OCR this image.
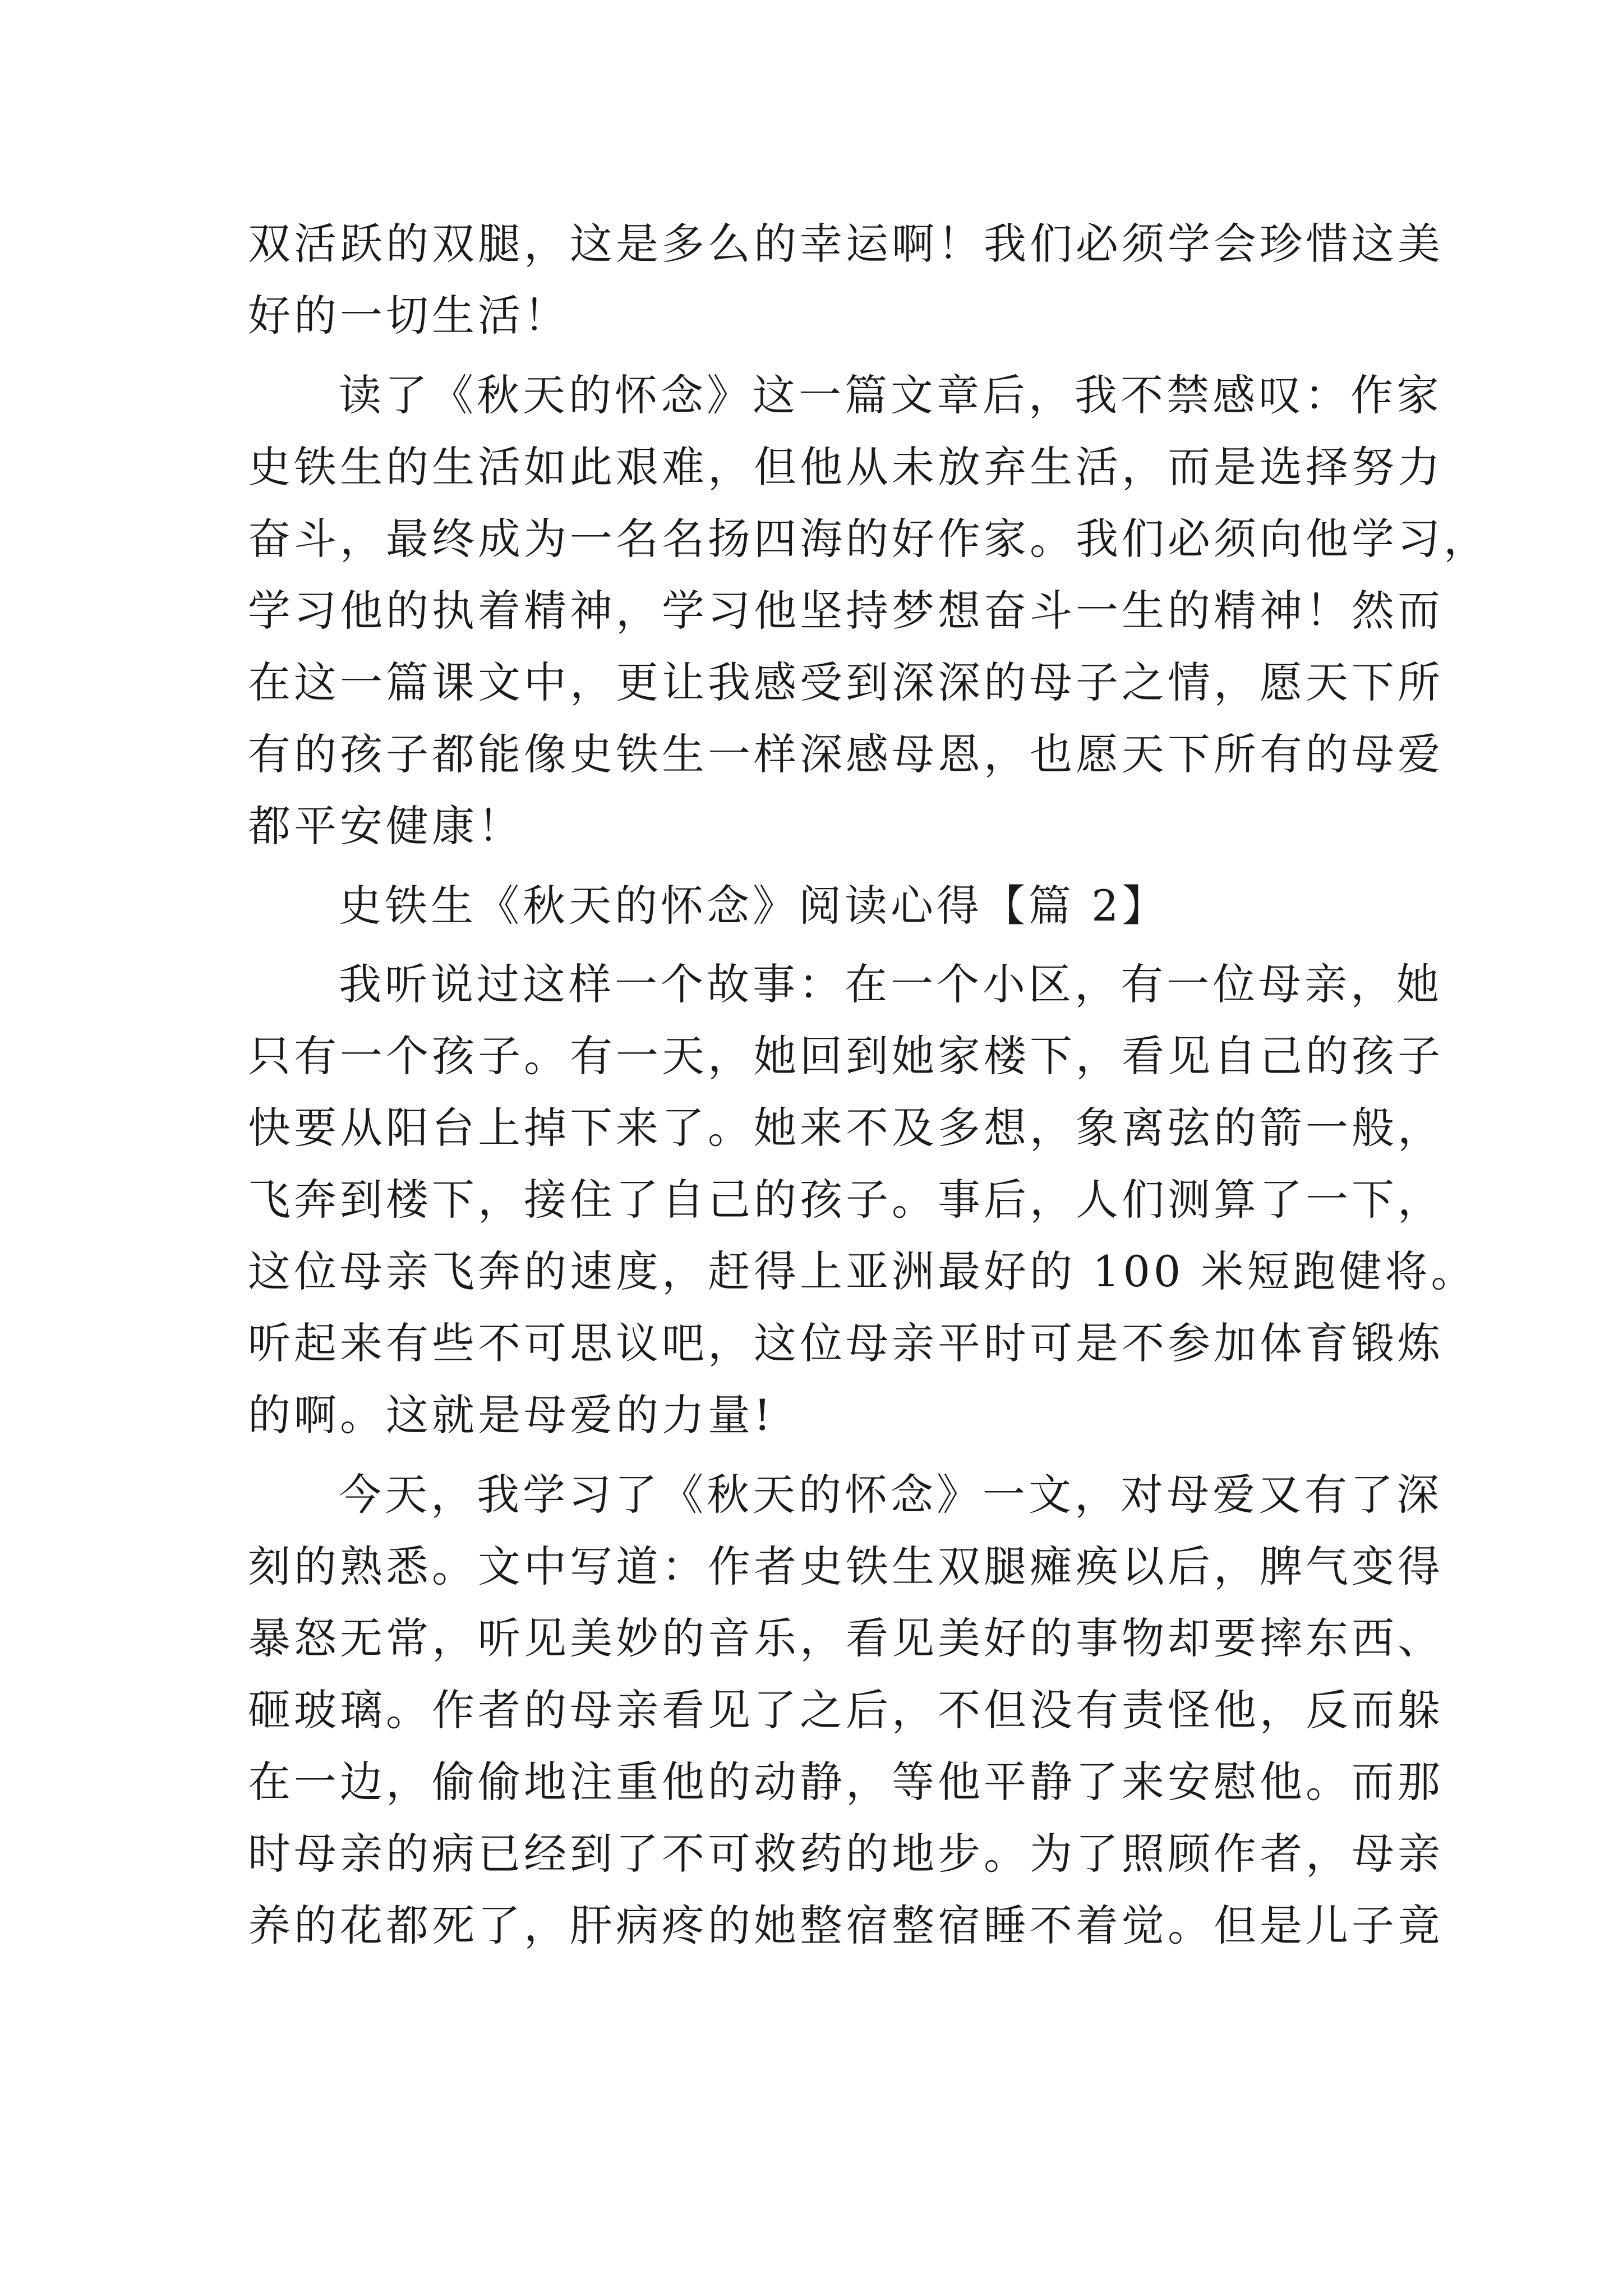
双活跃的双腿，这是多么的幸运啊！我们必须学会珍惜这美
好的一切生活！
读了《秋天的怀念》这一篇文章后，我不禁感叹：作家
史铁生的生活如此艰难，但他从未放弃生活，而是选择努力
奋斗，最终成为一名名扬四海的好作家。我们必须向他学习，
学习他的执着精神，学习他坚持梦想奋斗一生的精神！然而
在这一篇课文中，更让我感受到深深的母子之情，愿天下所
有的孩子都能像史铁生一样深感母恩，也愿天下所有的母爱
都平安健康！
史铁生《秋天的怀念》阅读心得【篇 2】
我听说过这样一个故事：在一个小区，有一位母亲，她
只有一个孩子。有一天，她回到她家楼下，看见自己的孩子
快要从阳台上掉下来了。她来不及多想，象离弦的箭一般，
飞奔到楼下，接住了自己的孩子。事后，人们测算了一下，
这位母亲飞奔的速度，赶得上亚洲最好的 100 米短跑健将。
听起来有些不可思议吧，这位母亲平时可是不参加体育锻炼
的啊。这就是母爱的力量!
今天，我学习了《秋天的怀念》一文，对母爱又有了深
刻的熟悉。文中写道：作者史铁生双腿瘫痪以后，脾气变得
暴怒无常，听见美妙的音乐，看见美好的事物却要摔东西、
砸玻璃。作者的母亲看见了之后，不但没有责怪他，反而躲
在一边，偷偷地注重他的动静，等他平静了来安慰他。而那
时母亲的病已经到了不可救药的地步。为了照顾作者，母亲
养的花都死了，肝病疼的她整宿整宿睡不着觉。但是儿子竟
